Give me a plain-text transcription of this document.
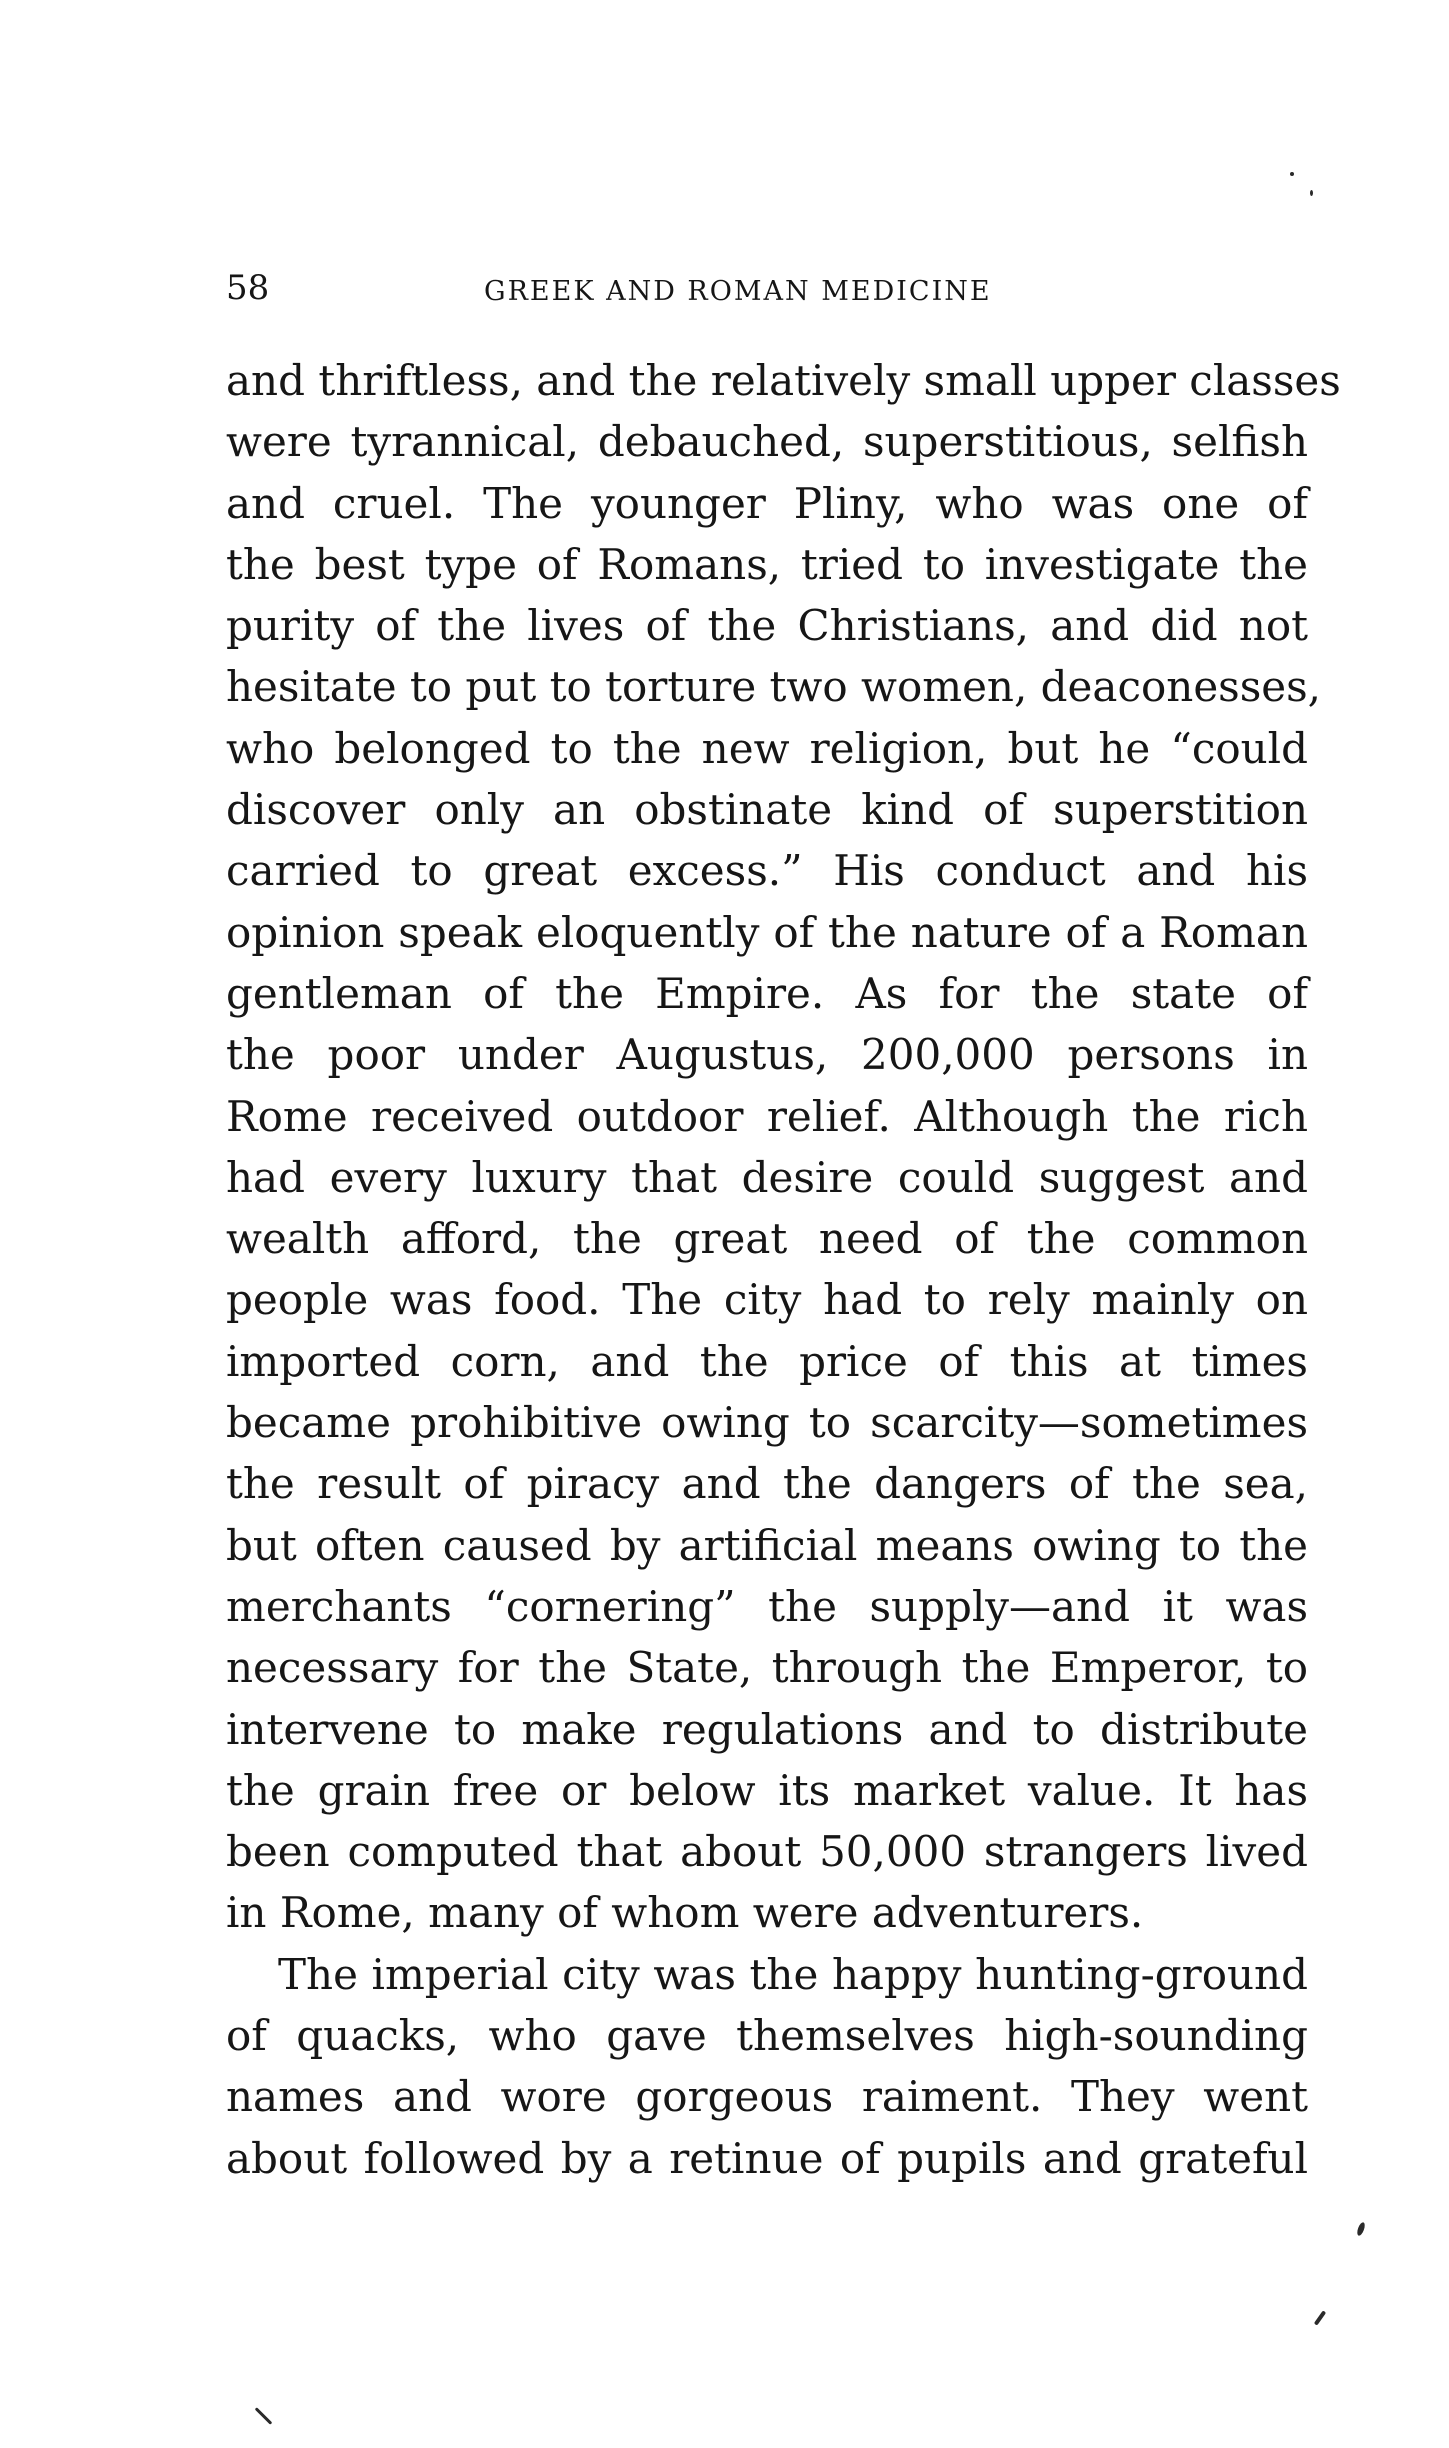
58	GREEK AND ROMAN MEDICINE
and thriftless, and the relatively small upper classes
were tyrannical, debauched, superstitious, selfish
and cruel. The younger Pliny, who was one of
the best type of Romans, tried to investigate the
purity of the lives of the Christians, and did not
hesitate to put to torture two women, deaconesses,
who belonged to the new religion, but he “could
discover only an obstinate kind of superstition
carried to great excess.” His conduct and his
opinion speak eloquently of the nature of a Roman
gentleman of the Empire. As for the state of
the poor under Augustus, 200,000 persons in
Rome received outdoor relief. Although the rich
had every luxury that desire could suggest and
wealth afford, the great need of the common
people was food. The city had to rely mainly on
imported corn, and the price of this at times
became prohibitive owing to scarcity—sometimes
the result of piracy and the dangers of the sea,
but often caused by artificial means owing to the
merchants “cornering” the supply—and it was
necessary for the State, through the Emperor, to
intervene to make regulations and to distribute
the grain free or below its market value. It has
been computed that about 50,000 strangers lived
in Rome, many of whom were adventurers.
The imperial city was the happy hunting-ground
of quacks, who gave themselves high-sounding
names and wore gorgeous raiment. They went
about followed by a retinue of pupils and grateful
